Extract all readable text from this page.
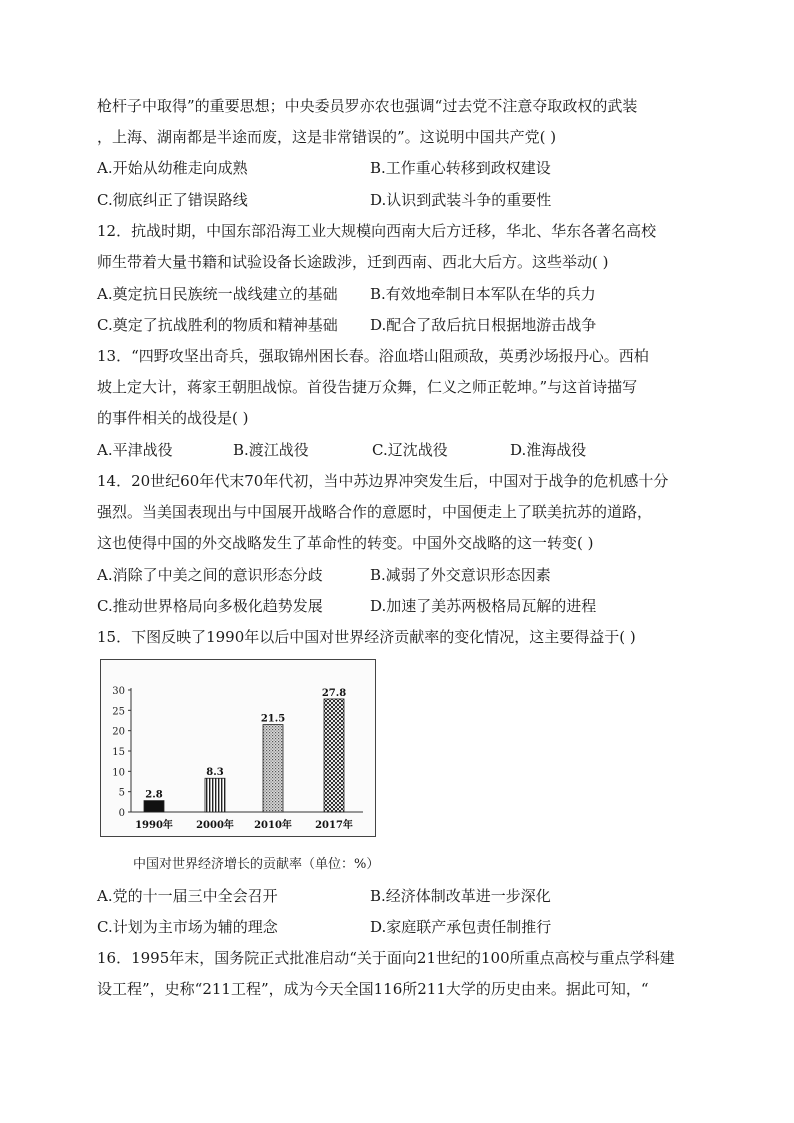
枪杆子中取得”的重要思想；中央委员罗亦农也强调“过去党不注意夺取政权的武装
，上海、湖南都是半途而废，这是非常错误的”。这说明中国共产党( )
A.开始从幼稚走向成熟	B.工作重心转移到政权建设
C.彻底纠正了错误路线	D.认识到武装斗争的重要性
12．抗战时期，中国东部沿海工业大规模向西南大后方迁移，华北、华东各著名高校
师生带着大量书籍和试验设备长途跋涉，迁到西南、西北大后方。这些举动( )
A.奠定抗日民族统一战线建立的基础 B.有效地牵制日本军队在华的兵力
C.奠定了抗战胜利的物质和精神基础 D.配合了敌后抗日根据地游击战争
13．“四野攻坚出奇兵，强取锦州困长春。浴血塔山阻顽敌，英勇沙场报丹心。西柏
坡上定大计，蒋家王朝胆战惊。首役告捷万众舞，仁义之师正乾坤。”与这首诗描写
的事件相关的战役是( )
A.平津战役	B.渡江战役	C.辽沈战役	D.淮海战役
14．20世纪60年代末70年代初，当中苏边界冲突发生后，中国对于战争的危机感十分
强烈。当美国表现出与中国展开战略合作的意愿时，中国便走上了联美抗苏的道路，
这也使得中国的外交战略发生了革命性的转变。中国外交战略的这一转变( )
A.消除了中美之间的意识形态分歧	B.减弱了外交意识形态因素
C.推动世界格局向多极化趋势发展	D.加速了美苏两极格局瓦解的进程
15．下图反映了1990年以后中国对世界经济贡献率的变化情况，这主要得益于( )
0
5
10
15
20
25
30
2.8
1990年
8.3
2000年
21.5
2010年
27.8
2017年
中国对世界经济增长的贡献率（单位：%）
A.党的十一届三中全会召开	B.经济体制改革进一步深化
C.计划为主市场为辅的理念	D.家庭联产承包责任制推行
16．1995年末，国务院正式批准启动“关于面向21世纪的100所重点高校与重点学科建
设工程”，史称“211工程”，成为今天全国116所211大学的历史由来。据此可知，“
